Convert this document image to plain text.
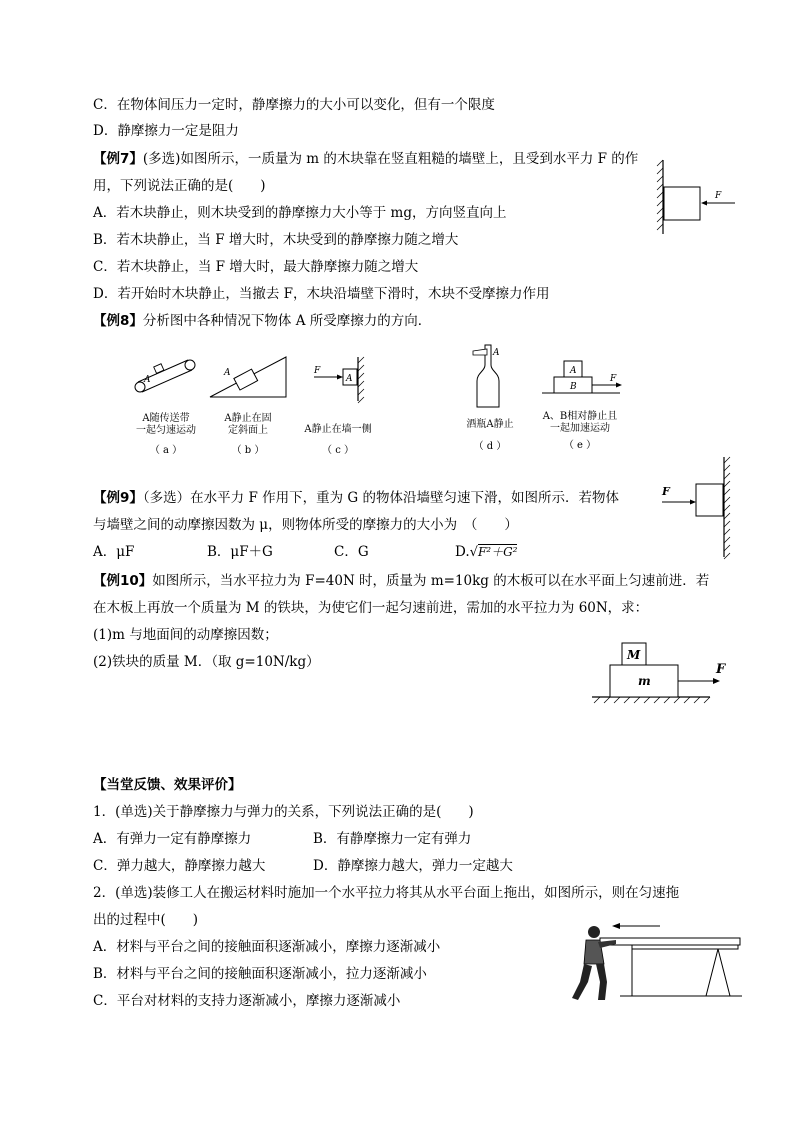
C．在物体间压力一定时，静摩擦力的大小可以变化，但有一个限度
D．静摩擦力一定是阻力
【例7】(多选)如图所示，一质量为 m 的木块靠在竖直粗糙的墙壁上，且受到水平力 F 的作
用，下列说法正确的是(　　)
A．若木块静止，则木块受到的静摩擦力大小等于 mg，方向竖直向上
B．若木块静止，当 F 增大时，木块受到的静摩擦力随之增大
C．若木块静止，当 F 增大时，最大静摩擦力随之增大
D．若开始时木块静止，当撤去 F，木块沿墙壁下滑时，木块不受摩擦力作用
F
【例8】分析图中各种情况下物体 A 所受摩擦力的方向．
A
A随传送带
一起匀速运动
（ a ）
A
A静止在固
定斜面上
（ b ）
F
A
A静止在墙一侧
（ c ）
A
酒瓶A静止
（ d ）
A
B
F
A、B相对静止且
一起加速运动
（ e ）
【例9】（多选）在水平力 F 作用下，重为 G 的物体沿墙壁匀速下滑，如图所示．若物体
与墙壁之间的动摩擦因数为 μ，则物体所受的摩擦力的大小为　（　　）
A．μF	B．μF＋G	C．G	D.√F²＋G²
F
【例10】如图所示，当水平拉力为 F=40N 时，质量为 m=10kg 的木板可以在水平面上匀速前进．若
在木板上再放一个质量为 M 的铁块，为使它们一起匀速前进，需加的水平拉力为 60N，求：
(1)m 与地面间的动摩擦因数；
(2)铁块的质量 M．（取 g=10N/kg）	M
m
F
【当堂反馈、效果评价】
1．(单选)关于静摩擦力与弹力的关系，下列说法正确的是(　　)
A．有弹力一定有静摩擦力	B．有静摩擦力一定有弹力
C．弹力越大，静摩擦力越大	D．静摩擦力越大，弹力一定越大
2．(单选)装修工人在搬运材料时施加一个水平拉力将其从水平台面上拖出，如图所示，则在匀速拖
出的过程中(　　)
A．材料与平台之间的接触面积逐渐减小，摩擦力逐渐减小
B．材料与平台之间的接触面积逐渐减小，拉力逐渐减小
C．平台对材料的支持力逐渐减小，摩擦力逐渐减小
